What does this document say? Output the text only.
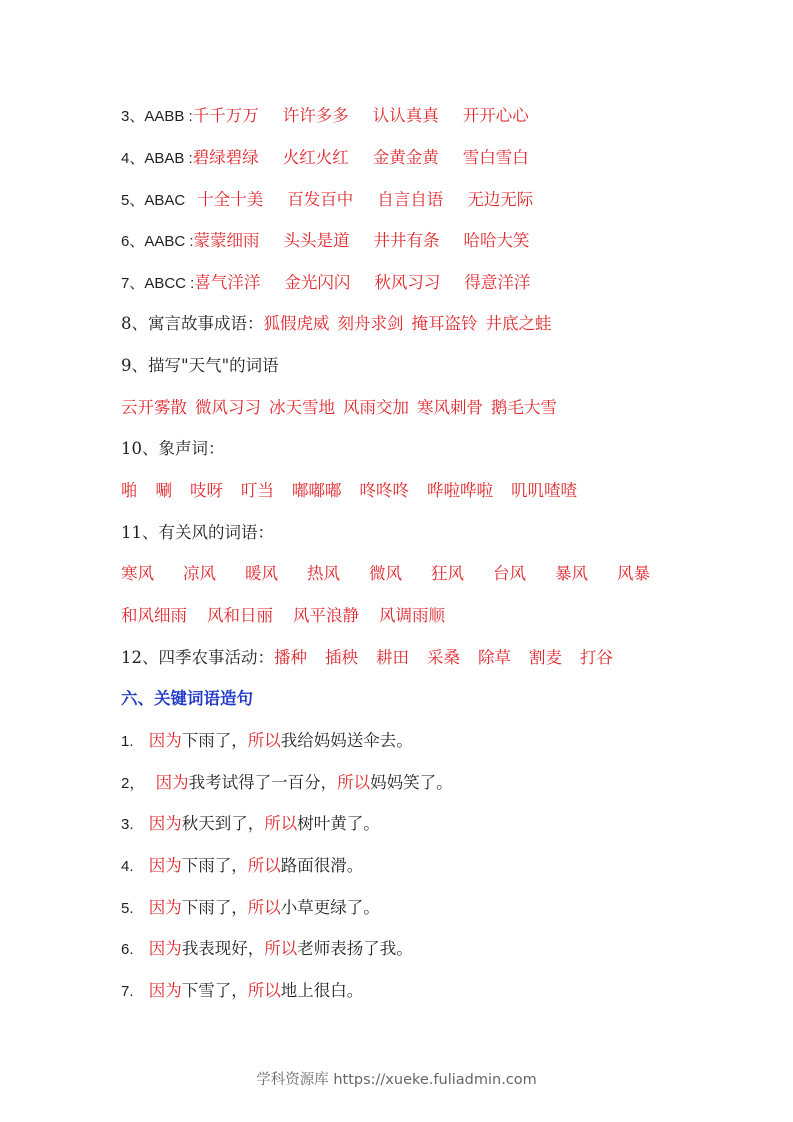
3、AABB : 千千万万 许许多多 认认真真 开开心心
4、ABAB : 碧绿碧绿 火红火红 金黄金黄 雪白雪白
5、ABAC 十全十美 百发百中 自言自语 无边无际
6、AABC : 蒙蒙细雨 头头是道 井井有条 哈哈大笑
7、ABCC : 喜气洋洋 金光闪闪 秋风习习 得意洋洋
8、寓言故事成语： 狐假虎威 刻舟求剑 掩耳盗铃 井底之蛙
9、描写"天气"的词语
云开雾散 微风习习 冰天雪地 风雨交加 寒风刺骨 鹅毛大雪
10、象声词：
啪 唰 吱呀 叮当 嘟嘟嘟 咚咚咚 哗啦哗啦 叽叽喳喳
11、有关风的词语：
寒风 凉风 暖风 热风 微风 狂风 台风 暴风 风暴
和风细雨 风和日丽 风平浪静 风调雨顺
12、四季农事活动： 播种 插秧 耕田 采桑 除草 割麦 打谷
六、关键词语造句
1. 因为下雨了，所以我给妈妈送伞去。
2， 因为我考试得了一百分，所以妈妈笑了。
3. 因为秋天到了，所以树叶黄了。
4. 因为下雨了，所以路面很滑。
5. 因为下雨了，所以小草更绿了。
6. 因为我表现好，所以老师表扬了我。
7. 因为下雪了，所以地上很白。
学科资源库 https://xueke.fuliadmin.com
